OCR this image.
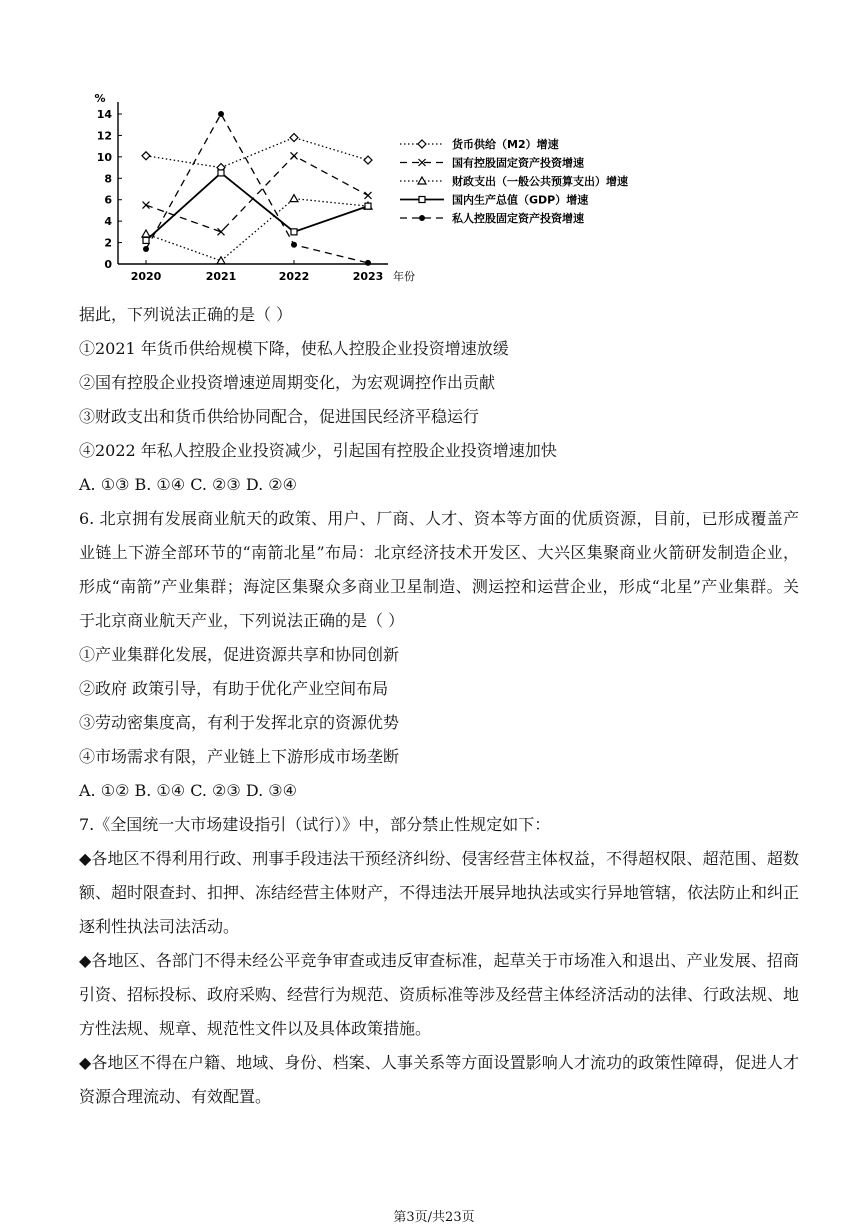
0
2
4
6
8
10
12
14
%
2020	2021	2022	2023 年份
货币供给（M2）增速
国有控股固定资产投资增速
财政支出（一般公共预算支出）增速
国内生产总值（GDP）增速
私人控股固定资产投资增速
据此，下列说法正确的是（ ）
①2021 年货币供给规模下降，使私人控股企业投资增速放缓
②国有控股企业投资增速逆周期变化，为宏观调控作出贡献
③财政支出和货币供给协同配合，促进国民经济平稳运行
④2022 年私人控股企业投资减少，引起国有控股企业投资增速加快
A. ①③ B. ①④ C. ②③ D. ②④
6. 北京拥有发展商业航天的政策、用户、厂商、人才、资本等方面的优质资源，目前，已形成覆盖产业链上下游全部环节的“南箭北星”布局：北京经济技术开发区、大兴区集聚商业火箭研发制造企业，形成“南箭”产业集群；海淀区集聚众多商业卫星制造、测运控和运营企业，形成“北星”产业集群。关于北京商业航天产业，下列说法正确的是（ ）
①产业集群化发展，促进资源共享和协同创新
②政府 政策引导，有助于优化产业空间布局
③劳动密集度高，有利于发挥北京的资源优势
④市场需求有限，产业链上下游形成市场垄断
A. ①② B. ①④ C. ②③ D. ③④
7.《全国统一大市场建设指引（试行）》中，部分禁止性规定如下：
◆各地区不得利用行政、刑事手段违法干预经济纠纷、侵害经营主体权益，不得超权限、超范围、超数额、超时限查封、扣押、冻结经营主体财产，不得违法开展异地执法或实行异地管辖，依法防止和纠正逐利性执法司法活动。
◆各地区、各部门不得未经公平竞争审查或违反审查标准，起草关于市场准入和退出、产业发展、招商引资、招标投标、政府采购、经营行为规范、资质标准等涉及经营主体经济活动的法律、行政法规、地方性法规、规章、规范性文件以及具体政策措施。
◆各地区不得在户籍、地域、身份、档案、人事关系等方面设置影响人才流功的政策性障碍，促进人才资源合理流动、有效配置。
第3页/共23页
